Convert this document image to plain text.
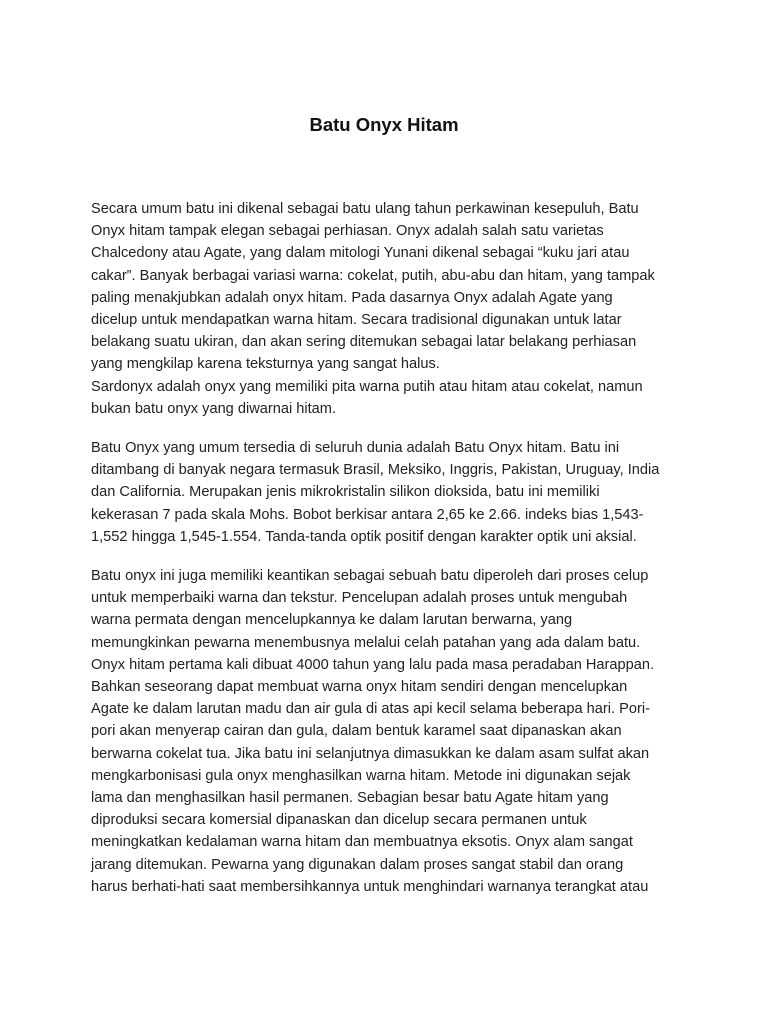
Batu Onyx Hitam
Secara umum batu ini dikenal sebagai batu ulang tahun perkawinan kesepuluh, Batu
Onyx hitam tampak elegan sebagai perhiasan. Onyx adalah salah satu varietas
Chalcedony atau Agate, yang dalam mitologi Yunani dikenal sebagai “kuku jari atau
cakar”. Banyak berbagai variasi warna: cokelat, putih, abu-abu dan hitam, yang tampak
paling menakjubkan adalah onyx hitam. Pada dasarnya Onyx adalah Agate yang
dicelup untuk mendapatkan warna hitam. Secara tradisional digunakan untuk latar
belakang suatu ukiran, dan akan sering ditemukan sebagai latar belakang perhiasan
yang mengkilap karena teksturnya yang sangat halus.
Sardonyx adalah onyx yang memiliki pita warna putih atau hitam atau cokelat, namun
bukan batu onyx yang diwarnai hitam.
Batu Onyx yang umum tersedia di seluruh dunia adalah Batu Onyx hitam. Batu ini
ditambang di banyak negara termasuk Brasil, Meksiko, Inggris, Pakistan, Uruguay, India
dan California. Merupakan jenis mikrokristalin silikon dioksida, batu ini memiliki
kekerasan 7 pada skala Mohs. Bobot berkisar antara 2,65 ke 2.66. indeks bias 1,543-
1,552 hingga 1,545-1.554. Tanda-tanda optik positif dengan karakter optik uni aksial.
Batu onyx ini juga memiliki keantikan sebagai sebuah batu diperoleh dari proses celup
untuk memperbaiki warna dan tekstur. Pencelupan adalah proses untuk mengubah
warna permata dengan mencelupkannya ke dalam larutan berwarna, yang
memungkinkan pewarna menembusnya melalui celah patahan yang ada dalam batu.
Onyx hitam pertama kali dibuat 4000 tahun yang lalu pada masa peradaban Harappan.
Bahkan seseorang dapat membuat warna onyx hitam sendiri dengan mencelupkan
Agate ke dalam larutan madu dan air gula di atas api kecil selama beberapa hari. Pori-
pori akan menyerap cairan dan gula, dalam bentuk karamel saat dipanaskan akan
berwarna cokelat tua. Jika batu ini selanjutnya dimasukkan ke dalam asam sulfat akan
mengkarbonisasi gula onyx menghasilkan warna hitam. Metode ini digunakan sejak
lama dan menghasilkan hasil permanen. Sebagian besar batu Agate hitam yang
diproduksi secara komersial dipanaskan dan dicelup secara permanen untuk
meningkatkan kedalaman warna hitam dan membuatnya eksotis. Onyx alam sangat
jarang ditemukan. Pewarna yang digunakan dalam proses sangat stabil dan orang
harus berhati-hati saat membersihkannya untuk menghindari warnanya terangkat atau
